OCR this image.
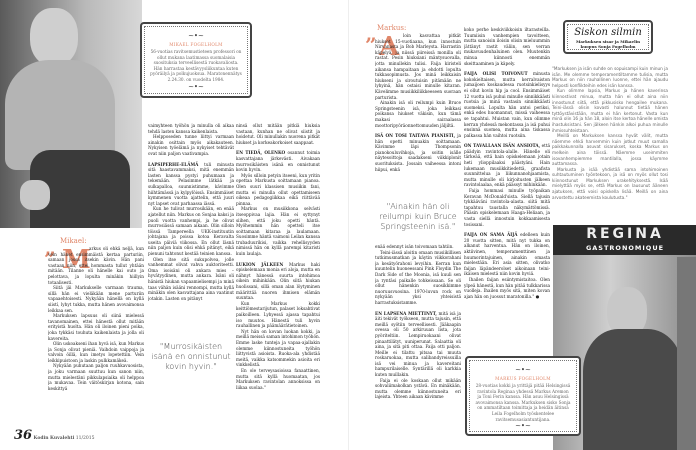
~•~
MIKAEL FOGELHOLM
56-vuotias ravitsemustieteen professori on ollut mukana laatimassa suomalaisia suosituksia terveellisestä ruokavaliosta. Hän harrastaa kestävyysliikuntaa kuten pyöräilyä ja polkujuoksua. Maratonennätys 2.24.30. on vuodelta 1984.
~•~
Mikael:
” M

arkus oli ehkä neljä, kun vein hänet ensimmäistä kertaa parturiin, samaan jossa itsekin kävin. Hän pani vastaan niin, ettei hommasta tullut yhtään mitään. Tilanne oli hänelle kai outo ja pelottava, ja lopulta minäkin hiillyin totaalisesti.

Siitä jäi Markukselle varmaan trauma, sillä hän ei vieläkään mene parturiin vapaaehtoisesti. Nykyään hänellä on kyllä siistí, lyhyt tukka, mutta hänen avovaimonsa leikkaa sen.

Markuksen lapsuus oli siinä mielessä tavanomainen, ettei hänestä ollut mitään erityistä huolta. Hän oli iloinen pieni poika, joka tykkäsi touhuta kaikenlaista ja jolla oli kavereita.

Olin uskoakseni ihan hyvä isä, kun Markus ja Sonja olivat pieniä. Vaihdoin vaippoja ja valvoin öillä, kun imetys lopetettiin. Vein leikkipuistoon ja laskin pulkkamäkeä.

Nykyään puhutaan paljon ruuhkavuosista, ja joku varmaan suuttuu kun sanon niin, mutta mielestäni pikkulapsiaika oli helppoa ja mukavaa. Tein väitöskirjan kotona, sain keskittyä

vaimyhteen työhön ja minulla oli aikaa tehdä lasten kanssa kaikenlaista.

Helpposeden tunne liittyi varmaan ainakin osittain myös aikakauteen. Nykyisen työelämä ja nykyiset tehtävät ovat niin paljon vaativampia.

LAPSIPERHE-ELÄMÄ tuli minusta sitä haastavammaksi, mitä enemmän lasten kanssa pystyi puhumaan ja tekemään. Pelasimme lätkää ja sulkapalloa, suunnistimme, kävimme hiihtämässä ja kylpylöissä. Ensimmäiset kymmenen vuotta ajattelin, että juuri nyt lapset ovat parhaassa iässä.

Kun he tulivat murrosikään, en enää ajatellut niin. Markus on Sonjaa kaksi ja puoli vuotta vanhempi, ja he olivat murrosiässä samaan aikaan. Olin silloin töissä Tampereella UKK-instituutin johtajana ja poissa kotoa Keravalta useita päiviä viikossa. En ollut läsnä niin paljon kuin olisi ehkä pitänyt, eikä pienuni tahtonut kestää teinien kanssa.

Olen itse sitä sukupolvea, jolle vanhemmat olivat vahva auktoriteetti. Oma isoisäni oli ankara mies – hyvätyydinen, mutta ankara. Isäni oli hänistä hiukan vapaamielisempi ja minä taas vähän isääni rennompi, mutta kyllä minäkin olen kasvattajana aina vaatinut jotakin. Lasten on pitänyt

"Murrosikäisten isänä en onnistunut kovin hyvin."

ninsä ollut mitään pitkiä hiuksia vastaan, kunhan ne olivat siistit ja hoidetut. Oli minullakin nuorena pitkät hiukset ja korkeakorkoiset saappaat.

EN TIEDÄ, OLENKO osannut toimia kasvattajana järkevästi. Aivakaan murrosikäisten isänä en onnistunut kovin hyvin.

Myös silloin petyin itseeni, kun yritin opettaa Markusta soittamaan pianoa. Olen suuri klassisen musiikin fani, mutta ei minulla ollut opettamiseen oikeaa pedagogiikkaa eikä riittävää pinnaa.

Markus on musiikkona selvästi itseoppivaa lajia. Hän ei syttynyt siihen, että joku opetti häntä. Myöhemmin hän opetteli itse soittamaan kitaraa ja laulamaan. Suosimme häntä vaimoni Leilan kanssa trubaduurikisi, vaikka rehellisyyden nimissä hän on kyllä parempi kitaristi kuin laulaja.

LUKION JÄLKEEN Markus haki opiskelemaan monia eri aloja, mutta en nähnyt hänessä suurta intohimoa oikein mihinkään. Olin siitä hiukan huolissani, sillä oman alan löytyminen määrittää nuoren ihmisen elämän suuntaa.

Kun Markus kokki keittiömestarijutun, palaset loksahtivat paikoilleen. Lyhyessä ajassa tapahtui iso muutos. Hänestä tuli hyvin rauhallinen ja päämäärätietoinen.

Nyt hän on kovan luokan kokki, ja meillä meissä saman intohimon työhön. Emme laske tuntejа ja vapaa-ajallakin olemme kiinnostuneita työhön liittyvistä asioista. Ruoka-ala yhdistää meitä, vaikka katsommekin asioita eri vinkkelistä.

En ole terveysasioissa fanaattinen, mutta sitä kyllä huomaatan, jos Markuksen ravintolan annoksissa on liikaa suolaa."

36 Kodin Kuvalehti 11/2015
Markus:
” A loin kasvattaa pitkät hiukset 15-vuotiaana, kun innostuin Nirvanasta ja Bob Marleysta. Harrastin käpelyä, ja niissä piireissä monilla oli rastat. Pesin hiuksiani mäntysuovalla, jotta minullekin tulisi. Faija kiristeli aikansa hampaitaan ja ehdotti lopulta tukkasopimusta. Jos minä leikkaisin hiukseni ja siroutuisin pitämään ne lyhyinä, hän ostaisi minulle kitaran. Kävelimme musiikkiliikkeeseen suoraan parturista.

Ainakin isä oli reilumpi kuin Bruce Springsteenin isä, joka leikkasi poikansa hiukset väkisin, kun tämä makasi sairaalassa moottoripyöräonnettomuuden jäljiltä.

ISÄ ON TOSI TAITAVA PIANISTI, ja hän opetti minuakin soittamaan. Kävimme läpi Thompsonin pianokouluvihkoja, ja soitin isälle näytesoittoja saadakseni viikkiplonit suorituksista. Jossain vaiheessa intoni hiipui, enkä

"Ainakin hän oli reilumpi kuin Bruce Springsteenin isä."

enää edennyt isän toivomaan tahtiin.

Teini-iässä aloitin omaan musiikillisen tutkimusmatkan ja käytin viikkorahani ja kesätyörahoni levyihin. Kerran kun kuuntelin huoneessani Pink Floydin The Dark Side of the Moonia, isä kuuli sen ja ryntäsi paikalle tohkeissaan. Se oli ollut hänenkin suosikkimme nuoruusvuosina. 1970-luvun rock on nykyään yksi yhteisistä harrastuksistamme.

EN LAPSENA MIETTINYT, mitä isä ja äiti tekivät työkseen, mutta tajusin, että meillä syötiin terveellisesti. Jääkaapin ovessa oli 50 arkiruuan lista, jota pyöriteltiin. Lempiruokaani olivat pinaattilätyt, uuniperunat. Salaattia oli aina, ja sitä piti ottaa. Faija otti paljon. Meille ei tilattu pitsaa tai muuta roskaruokaa, mutta salibandyreissuilla isä vei minua ja kavereitani hampurilaiselle. Syntärillä oli karkkia kuten muillakin.

Faija ei ole koskaan ollut mikään sohvaliimakolkan ystävä. En minäkään, mutta olemme kiinnostuneita eri lajeista. Yhteen aikaan kävimme

koko perhe keskiviikkoisin iltarastеilla. Tuumiisin vanhempien tavoitteen, mutta sanoisin iloisin olisin mieluummin jättänyt rastit väliin, sen verran mukavuudenhaluinen olen. Muutenkin minua kiinnosti enemmän skeittaaminen ja käpely.

FAIJA OLISI TOIVONUT minusta kokokieltaisen, mutta kerralvaiston jumaijoen koskaudessa ruotsinkielisyys ei ollut kovin hip ja cool. Ensimmäiset 12 vuotta isä puhui minulle sinnikkäästi ruotsia ja minä vastasin sinnikkäästi suomeksi. Lopulta hän antoi periksi, enkä edes huomannut, missä vaiheessa se tapahtui. Muistan vain, kun olimme kerran yhdessä mekontassa ja isä puhui ensinnä suomea, mutta aina tiskassa palkassa hän vaihtoi ruotsiin.

ON TAVALLAAN ISÄN ANSIOTA, että päädyin ravintola-alalle. Hänelle oli tärkeää, että hain opiskelemaan jotain heti ylioppilaaksi päästyäni. Hain lukemaan musiikkitiedettä, graafista suunnittelua ja liikunnanohjaamista, mutta minulle oli kirjoitusten jälkeen ravintolaalaa, enkä päässyt mihinkään.

Faija hommasi minulle työpaikan Keravan McDonald'sista. Siellä tajusin tykkääväni ravintola-alasta. siitä mitä tapahtuu taustalla näkymättömissä. Pääsin opiskelemaan Haaga-Heliaan, ja vasta siellä innostuin kokkaamisesta tosissani.

FAIJA ON SAMA ÄIJÄ edelleen kuin 20 vuotta sitten, mitä nyt tukka on alkanut harventua. Hän on iloinen, aktiivinen, temperamenttinen ja huumorintajuinen, ainakin omasta mielestään. Eri asia sitten, olivatko faijan läpändeerolset aikoinaan teini-ikäisen mielestä niin kovin hyviä.

Ihailen faijan esiintymistaitoa. Olen ylpeä hänestä, kun hän pitää tulkkarissa vuolleja. Ihailen myös sitä, miten kovan ajan hän on juossut maratonilla." ●

Siskon silmin
Markuksen sisar ja Mikaelin kuopus Sonja Fogelholm

"Markuksen ja isän suhde on sopuisampi kuin minun ja isän. Me olemme temperamentiltamme tulisia, mutta Markus on niin rauhallinen luonne, ettei hän ajaudu helposti konflikteihin edes isän kanssa.

Kun olimme lapsia, Markus ja hänen kaverinsa kiinnostivat minua, mutta hän ei ollut aina niin innostunut siitä, että pikkusisko hengailee mukana. Teini-iässä olisin kovasti halunnut tietää hänen tyttöystävistään, mutta ei hän kertonut. Vasta kun minä olin 16 ja hän 18, aloin itse kertoa hänelle omista ihastuksistani. Sen jälkeen hänkin alkoi puhua minulle ihmissuhteistaan.

Meillä on Markuksen kanssa hyvät välit, mutta näemme ehkä harvemmin kuin jotkut muut samalla paikkakunnalla asuvat sisarukset, koska Markus on melkein aina töissä. Näemme useimmiten isovanhempiemme mantilalla, jossa käymme auttamassa.

Markusta ja isää yhdistää sama intohimoinen suhtautuminen työntekoon, ja isä on myös ollut tosi kiinnostunut Markuksen urakehityksestä. Isää mielyttää myös se, että Markus on lausunut ääneen ajatuksen, että voisi opiskella lisää. Meillä on aina arvostettu akateemista koulutusta."

REGINA
GASTRONOMIQUE
~•~
MARKUS FOGELHOLM
28-vuotias kokki ja yrittäjä pitää Helsingissä ravintola Reginaa yhdessä Markus Aremon ja Toni Ferin kanssa. Hän asuu Helsingissä avovaimonsa kanssa. Markuksen sisko Sonja on ammatiltaan toimittaja ja heidän äitinsä Leila Fogelholm työskentelee ravitsemusasiantuntijana.
~•~
